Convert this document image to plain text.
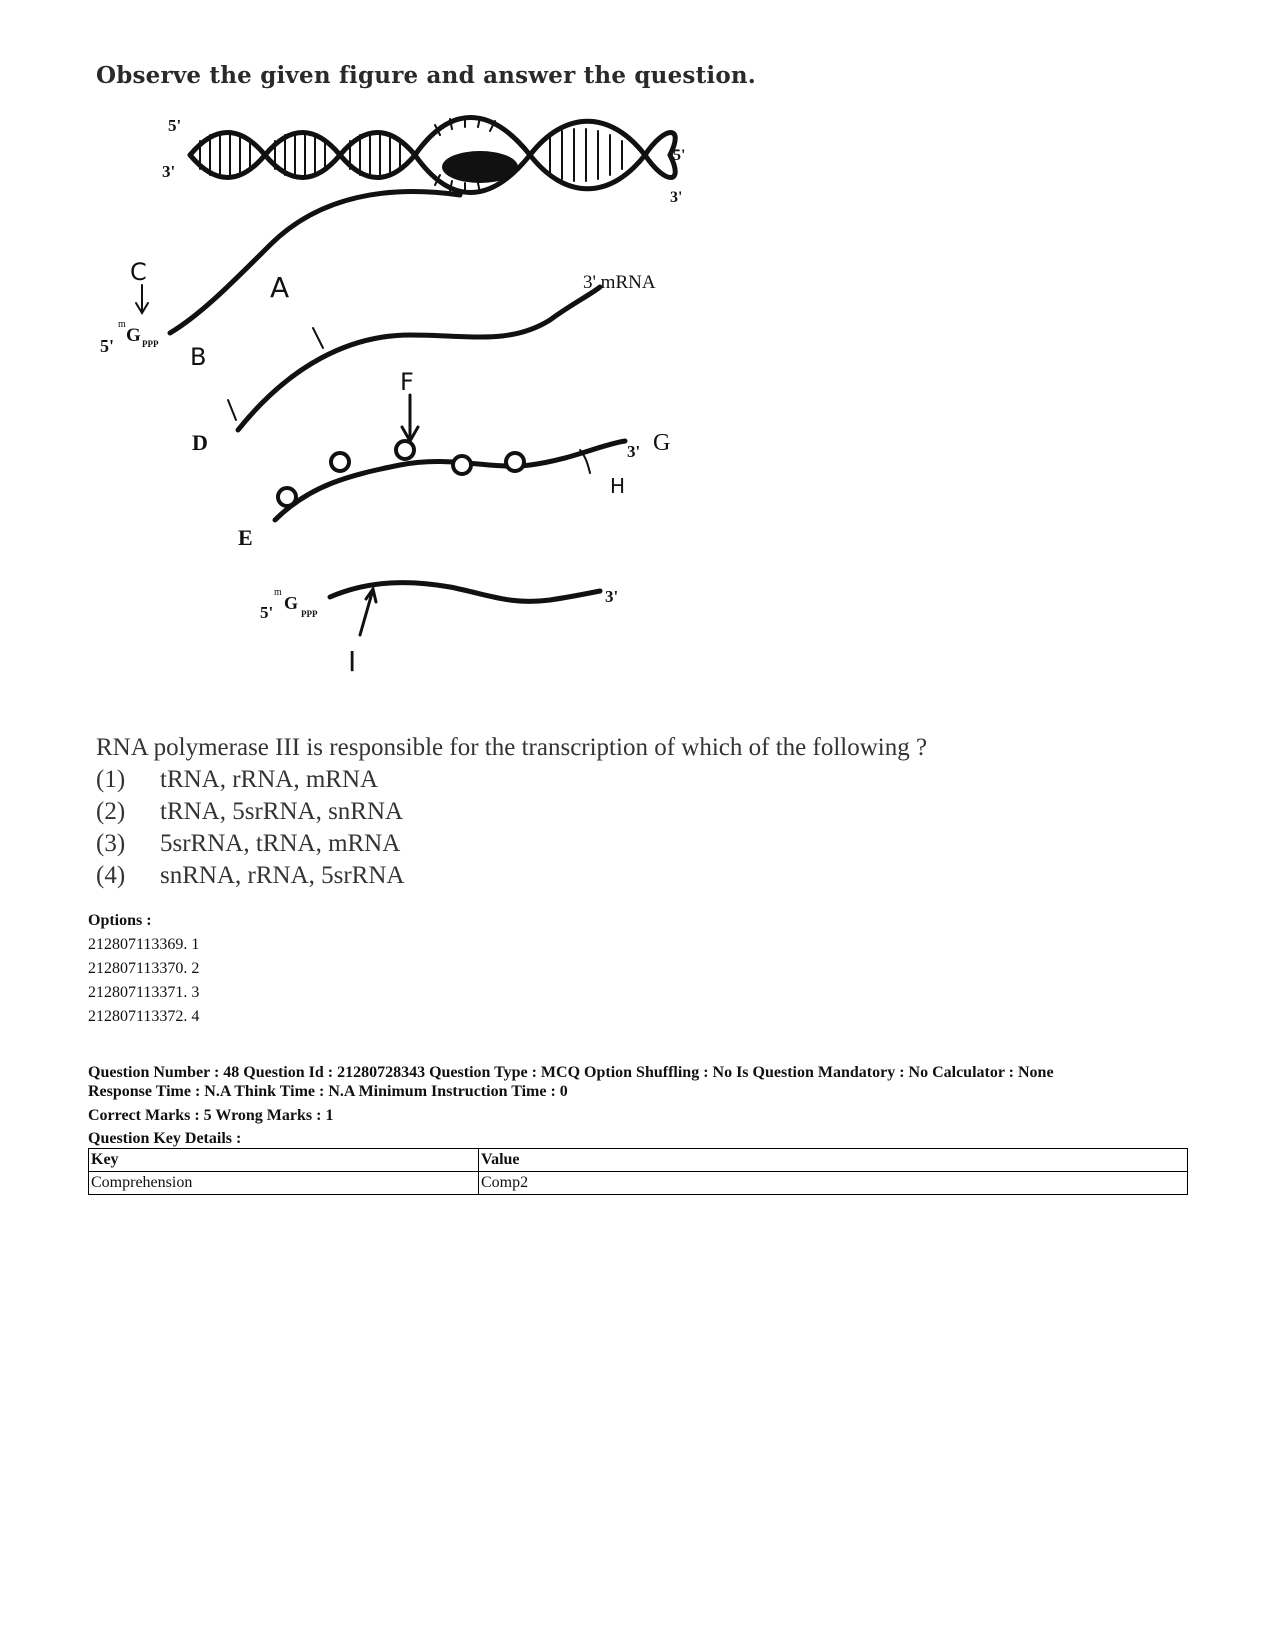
Observe the given figure and answer the question.
5'
3'
5'
3'
3' mRNA
5'
m
G PPP
3'
3'
5'
m
G
PPP
A
B
C
D
E
F
G
H
I
RNA polymerase III is responsible for the transcription of which of the following ?
(1) tRNA, rRNA, mRNA
(2) tRNA, 5srRNA, snRNA
(3) 5srRNA, tRNA, mRNA
(4) snRNA, rRNA, 5srRNA
Options :
212807113369. 1
212807113370. 2
212807113371. 3
212807113372. 4
Question Number : 48 Question Id : 21280728343 Question Type : MCQ Option Shuffling : No Is Question Mandatory : No Calculator : None
Response Time : N.A Think Time : N.A Minimum Instruction Time : 0
Correct Marks : 5 Wrong Marks : 1
Question Key Details :
Key	Value
Comprehension	Comp2
